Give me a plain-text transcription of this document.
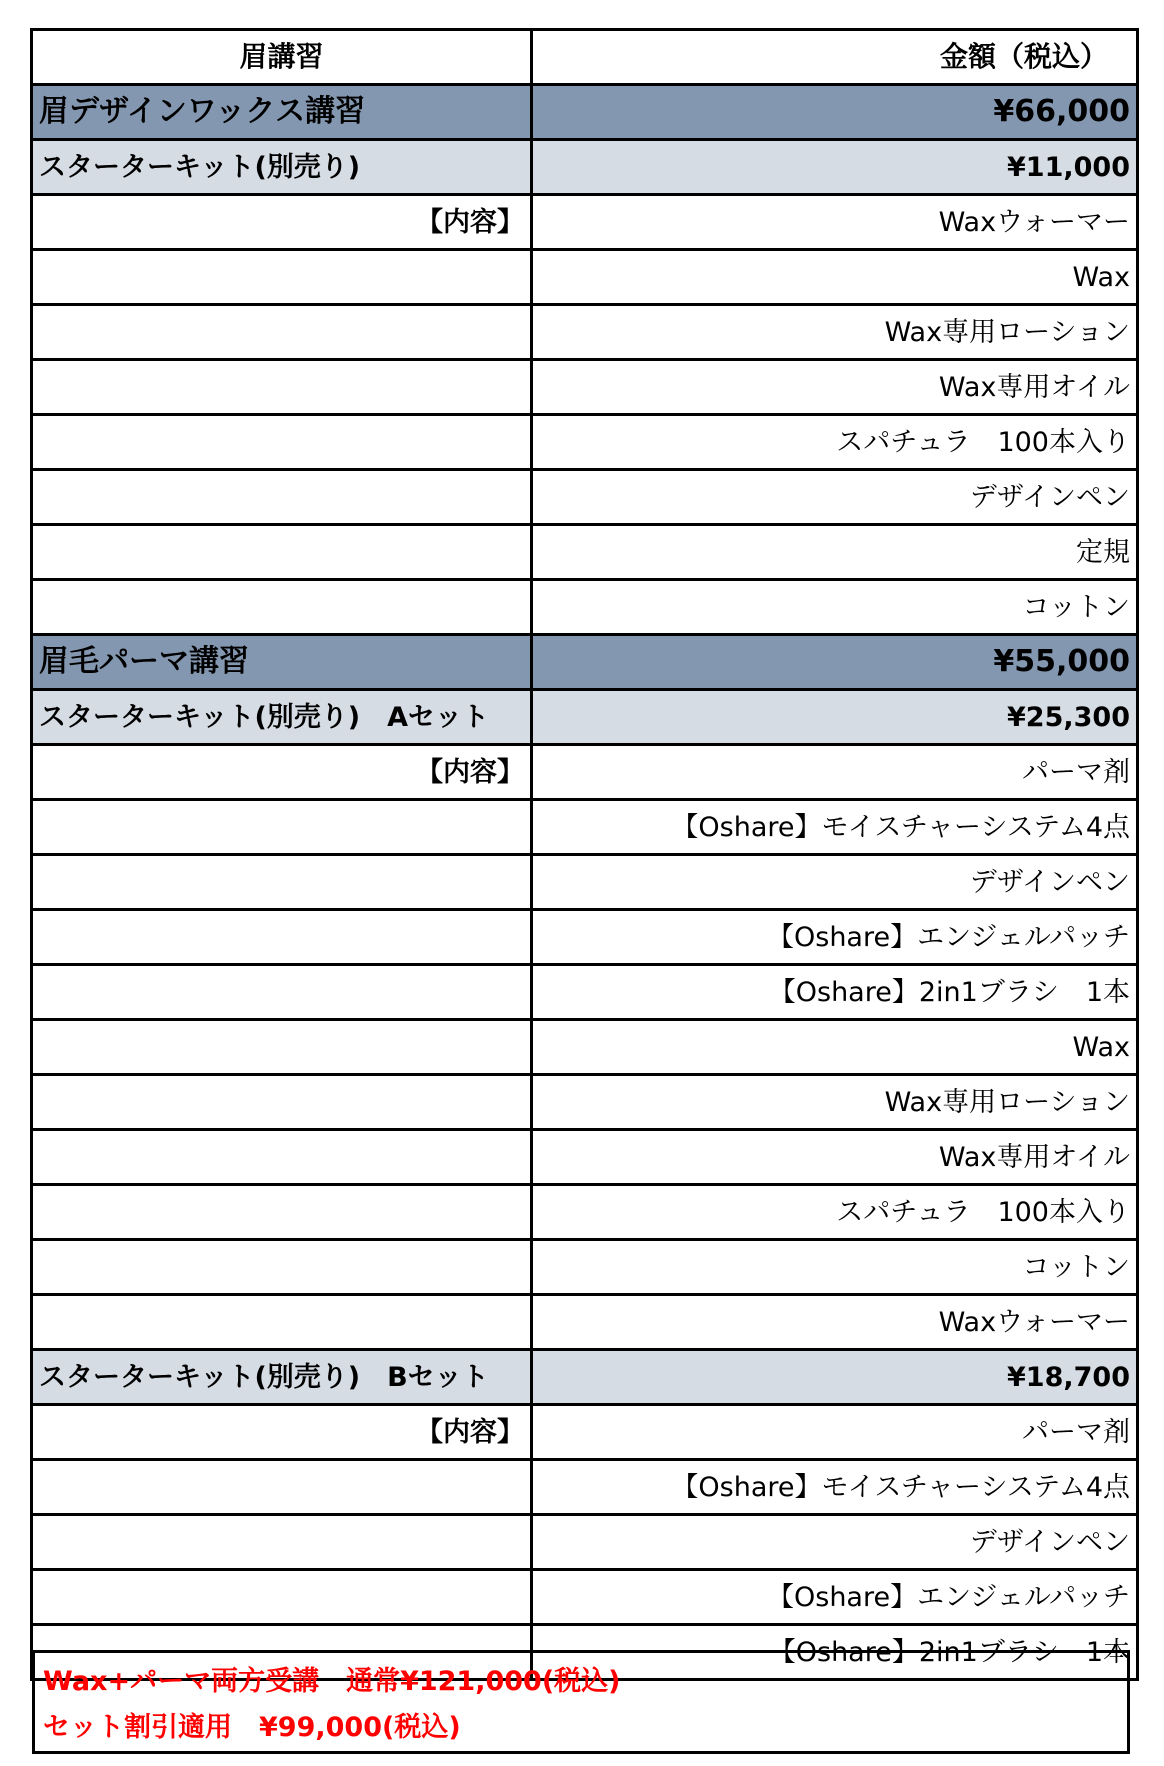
眉講習	金額（税込）
眉デザインワックス講習	¥66,000
スターターキット(別売り)	¥11,000
【内容】	Waxウォーマー
	Wax
	Wax専用ローション
	Wax専用オイル
	スパチュラ　100本入り
	デザインペン
	定規
	コットン
眉毛パーマ講習	¥55,000
スターターキット(別売り)　Aセット	¥25,300
【内容】	パーマ剤
	【Oshare】モイスチャーシステム4点
	デザインペン
	【Oshare】エンジェルパッチ
	【Oshare】2in1ブラシ　1本
	Wax
	Wax専用ローション
	Wax専用オイル
	スパチュラ　100本入り
	コットン
	Waxウォーマー
スターターキット(別売り)　Bセット	¥18,700
【内容】	パーマ剤
	【Oshare】モイスチャーシステム4点
	デザインペン
	【Oshare】エンジェルパッチ
	【Oshare】2in1ブラシ　1本
Wax+パーマ両方受講　通常¥121,000(税込)
セット割引適用　¥99,000(税込)
